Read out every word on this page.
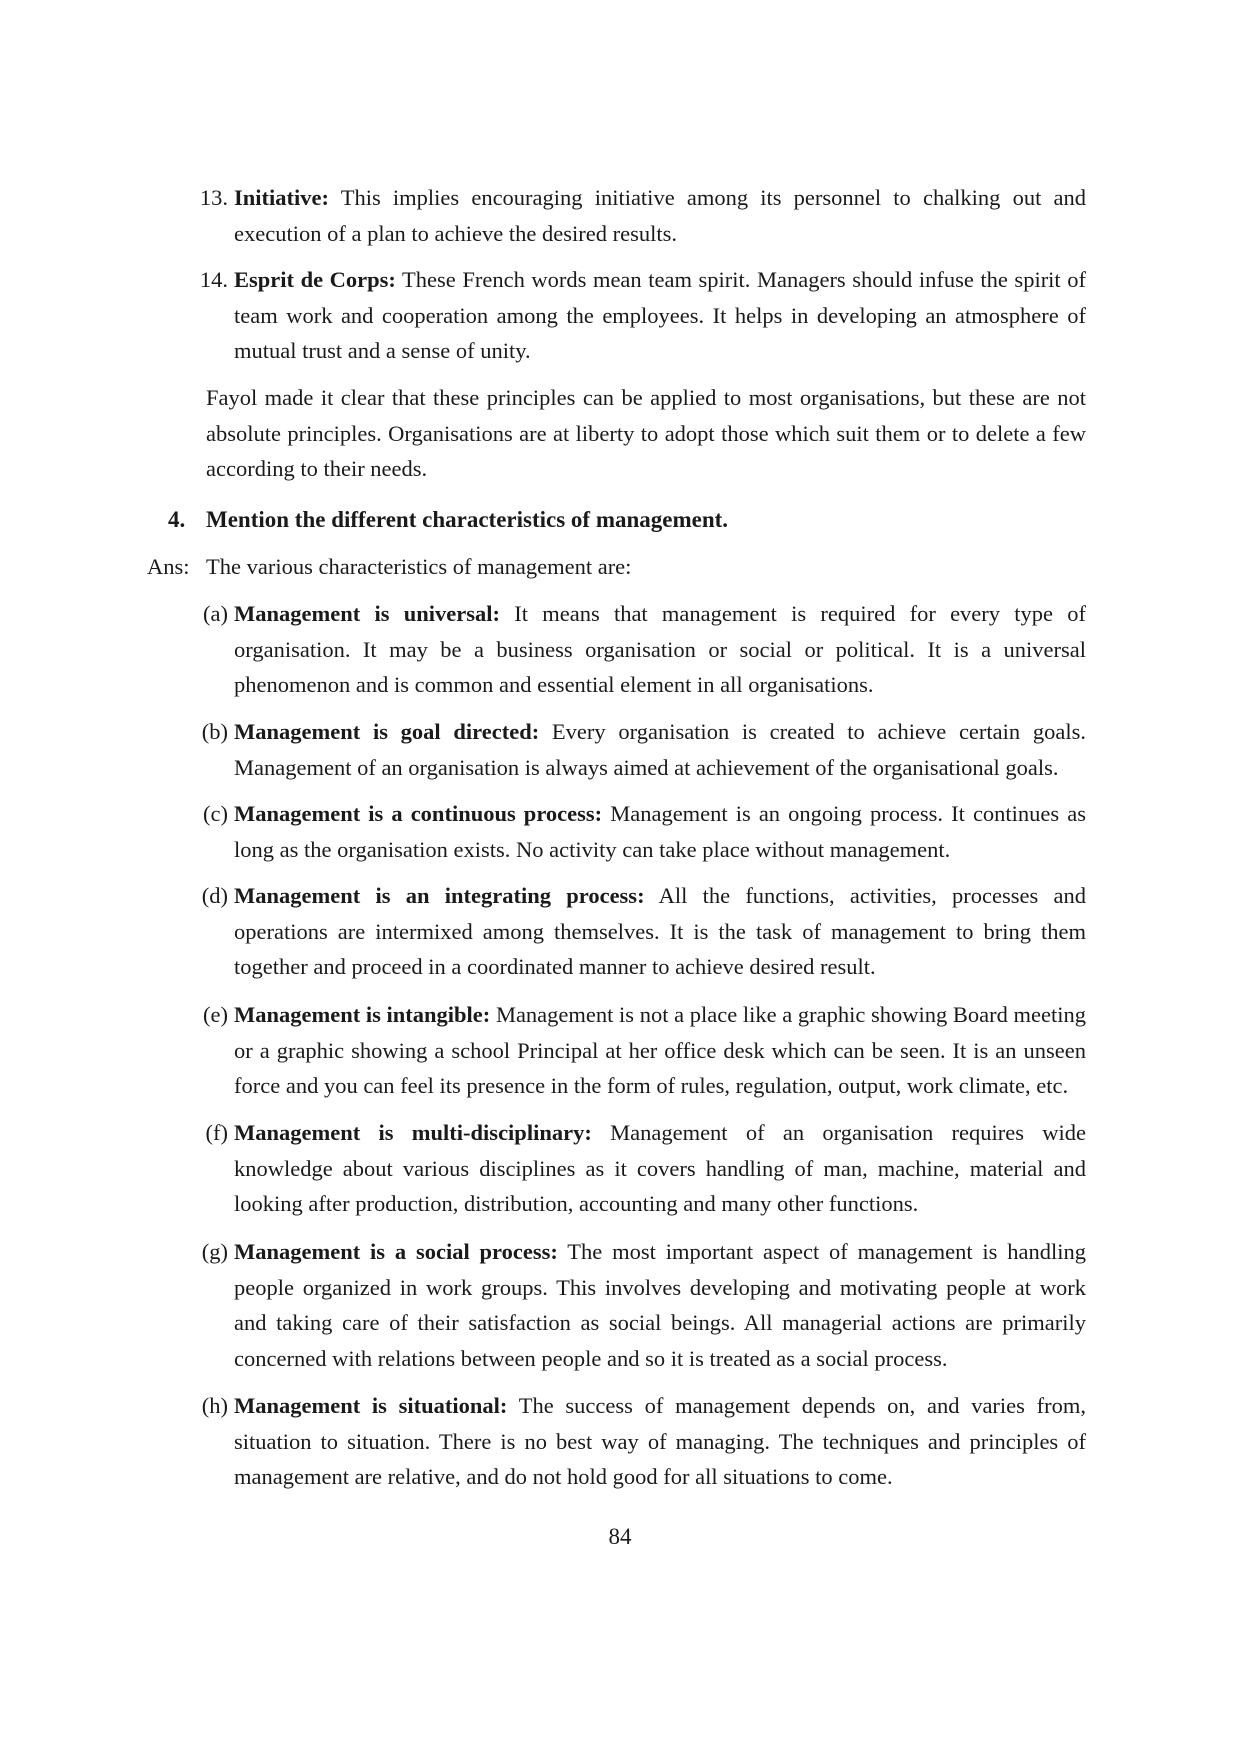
13. Initiative: This implies encouraging initiative among its personnel to chalking out and execution of a plan to achieve the desired results.
14. Esprit de Corps: These French words mean team spirit. Managers should infuse the spirit of team work and cooperation among the employees. It helps in developing an atmosphere of mutual trust and a sense of unity.
Fayol made it clear that these principles can be applied to most organisations, but these are not absolute principles. Organisations are at liberty to adopt those which suit them or to delete a few according to their needs.
4. Mention the different characteristics of management.
Ans: The various characteristics of management are:
(a) Management is universal: It means that management is required for every type of organisation. It may be a business organisation or social or political. It is a universal phenomenon and is common and essential element in all organisations.
(b) Management is goal directed: Every organisation is created to achieve certain goals. Management of an organisation is always aimed at achievement of the organisational goals.
(c) Management is a continuous process: Management is an ongoing process. It continues as long as the organisation exists. No activity can take place without management.
(d) Management is an integrating process: All the functions, activities, processes and operations are intermixed among themselves. It is the task of management to bring them together and proceed in a coordinated manner to achieve desired result.
(e) Management is intangible: Management is not a place like a graphic showing Board meeting or a graphic showing a school Principal at her office desk which can be seen. It is an unseen force and you can feel its presence in the form of rules, regulation, output, work climate, etc.
(f) Management is multi-disciplinary: Management of an organisation requires wide knowledge about various disciplines as it covers handling of man, machine, material and looking after production, distribution, accounting and many other functions.
(g) Management is a social process: The most important aspect of management is handling people organized in work groups. This involves developing and motivating people at work and taking care of their satisfaction as social beings. All managerial actions are primarily concerned with relations between people and so it is treated as a social process.
(h) Management is situational: The success of management depends on, and varies from, situation to situation. There is no best way of managing. The techniques and principles of management are relative, and do not hold good for all situations to come.
84
